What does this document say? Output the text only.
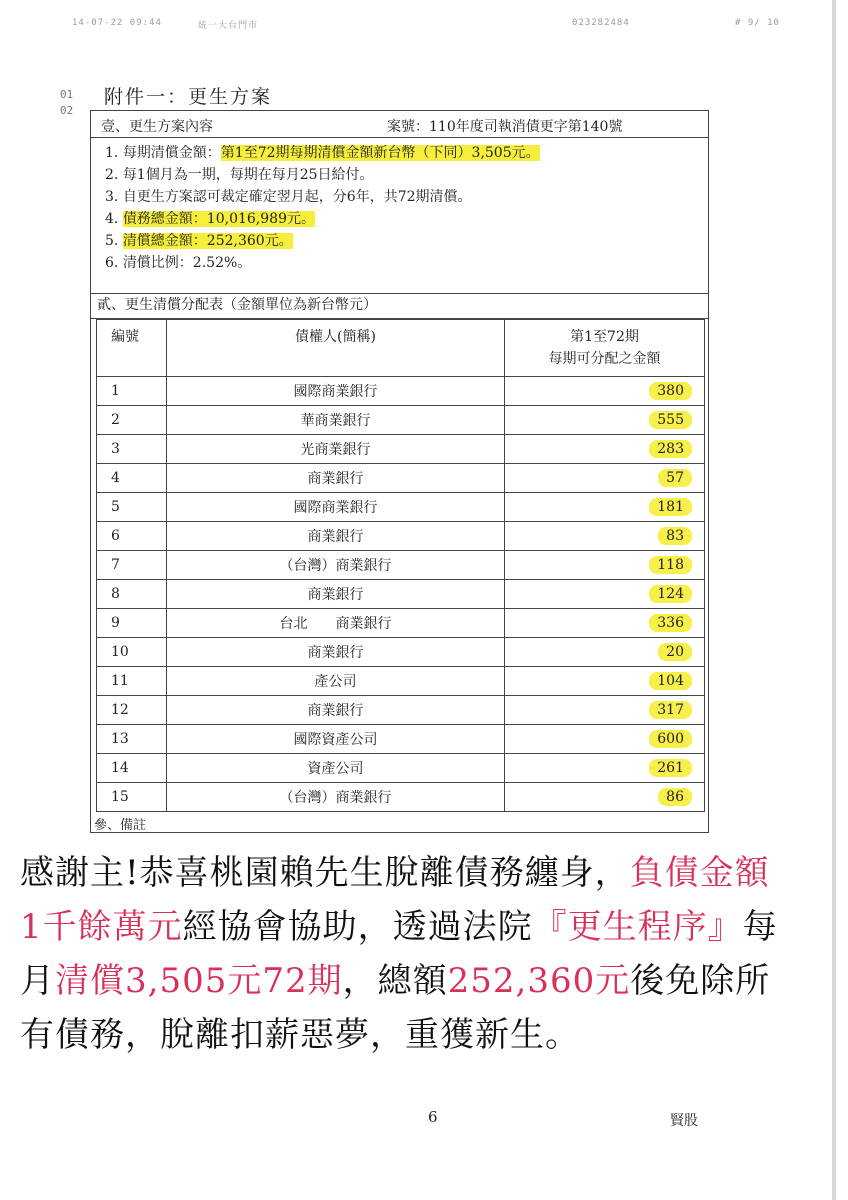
14-07-22 09:44	統一大台門市	023282484	# 9/ 10
01
02
附件一：更生方案
壹、更生方案內容	案號：110年度司執消債更字第140號
1. 每期清償金額：第1至72期每期清償金額新台幣（下同）3,505元。
2. 每1個月為一期，每期在每月25日給付。
3. 自更生方案認可裁定確定翌月起，分6年，共72期清償。
4. 債務總金額：10,016,989元。
5. 清償總金額：252,360元。
6. 清償比例：2.52%。
貳、更生清償分配表（金額單位為新台幣元）
編號	債權人(簡稱)	第1至72期
每期可分配之金額

1	國際商業銀行	380
2	華商業銀行	555
3	光商業銀行	283
4	商業銀行	57
5	國際商業銀行	181
6	商業銀行	83
7	（台灣）商業銀行	118
8	商業銀行	124
9	台北　　商業銀行	336
10	商業銀行	20
11	產公司	104
12	商業銀行	317
13	國際資產公司	600
14	資產公司	261
15	（台灣）商業銀行	86
參、備註
感謝主!恭喜桃園賴先生脫離債務纏身，負債金額1千餘萬元經協會協助，透過法院『更生程序』每月清償3,505元72期，總額252,360元後免除所有債務，脫離扣薪惡夢，重獲新生。
6	賢股
